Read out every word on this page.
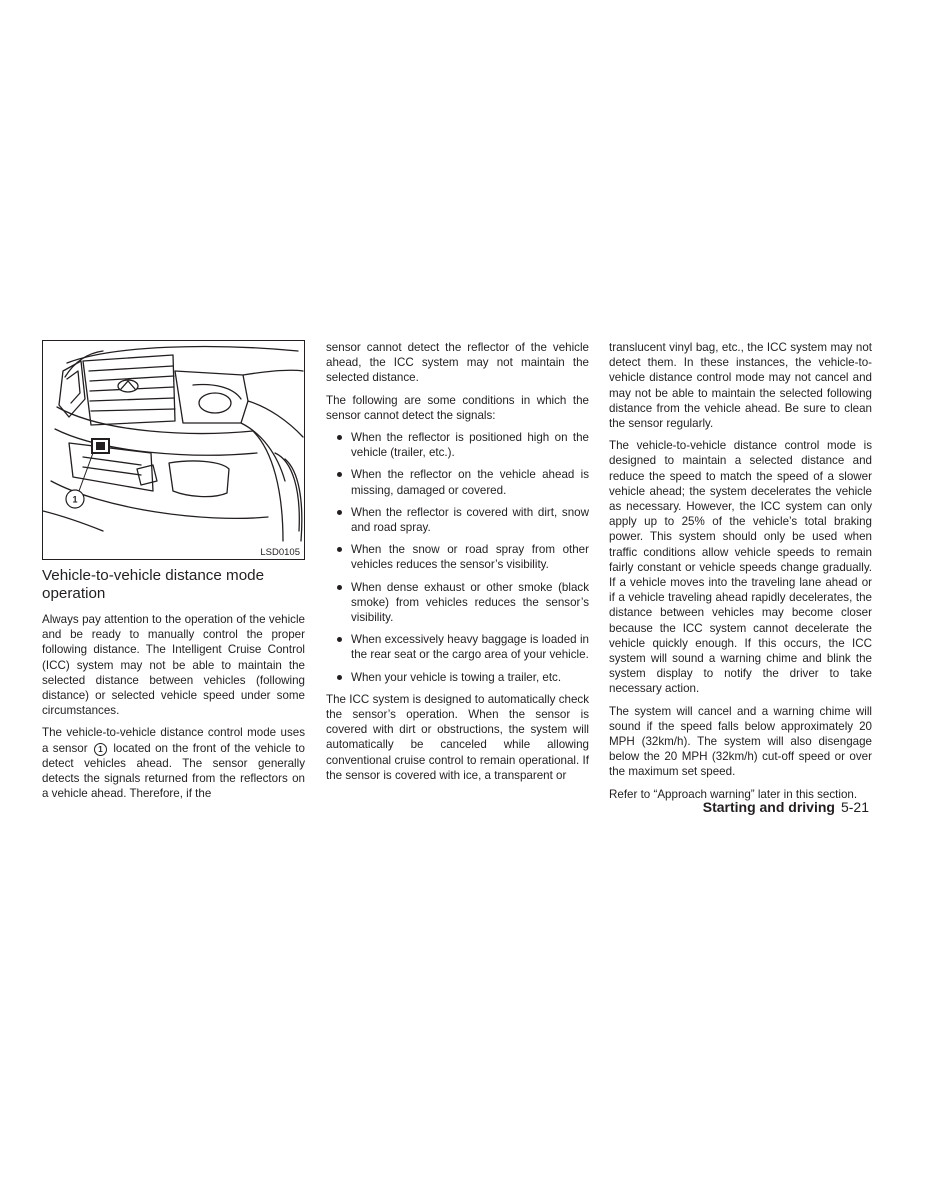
1
LSD0105
Vehicle-to-vehicle distance mode operation

Always pay attention to the operation of the vehicle and be ready to manually control the proper following distance. The Intelligent Cruise Control (ICC) system may not be able to maintain the selected distance between vehicles (following distance) or selected vehicle speed under some circumstances.

The vehicle-to-vehicle distance control mode uses a sensor 1 located on the front of the vehicle to detect vehicles ahead. The sensor generally detects the signals returned from the reflectors on a vehicle ahead. Therefore, if the

sensor cannot detect the reflector of the vehicle ahead, the ICC system may not maintain the selected distance.

The following are some conditions in which the sensor cannot detect the signals:

When the reflector is positioned high on the vehicle (trailer, etc.).
When the reflector on the vehicle ahead is missing, damaged or covered.
When the reflector is covered with dirt, snow and road spray.
When the snow or road spray from other vehicles reduces the sensor’s visibility.
When dense exhaust or other smoke (black smoke) from vehicles reduces the sensor’s visibility.
When excessively heavy baggage is loaded in the rear seat or the cargo area of your vehicle.
When your vehicle is towing a trailer, etc.

The ICC system is designed to automatically check the sensor’s operation. When the sensor is covered with dirt or obstructions, the system will automatically be canceled while allowing conventional cruise control to remain operational. If the sensor is covered with ice, a transparent or

translucent vinyl bag, etc., the ICC system may not detect them. In these instances, the vehicle-to-vehicle distance control mode may not cancel and may not be able to maintain the selected following distance from the vehicle ahead. Be sure to clean the sensor regularly.

The vehicle-to-vehicle distance control mode is designed to maintain a selected distance and reduce the speed to match the speed of a slower vehicle ahead; the system decelerates the vehicle as necessary. However, the ICC system can only apply up to 25% of the vehicle’s total braking power. This system should only be used when traffic conditions allow vehicle speeds to remain fairly constant or vehicle speeds change gradually. If a vehicle moves into the traveling lane ahead or if a vehicle traveling ahead rapidly decelerates, the distance between vehicles may become closer because the ICC system cannot decelerate the vehicle quickly enough. If this occurs, the ICC system will sound a warning chime and blink the system display to notify the driver to take necessary action.

The system will cancel and a warning chime will sound if the speed falls below approximately 20 MPH (32km/h). The system will also disengage below the 20 MPH (32km/h) cut-off speed or over the maximum set speed.

Refer to “Approach warning” later in this section.

Starting and driving 5-21
